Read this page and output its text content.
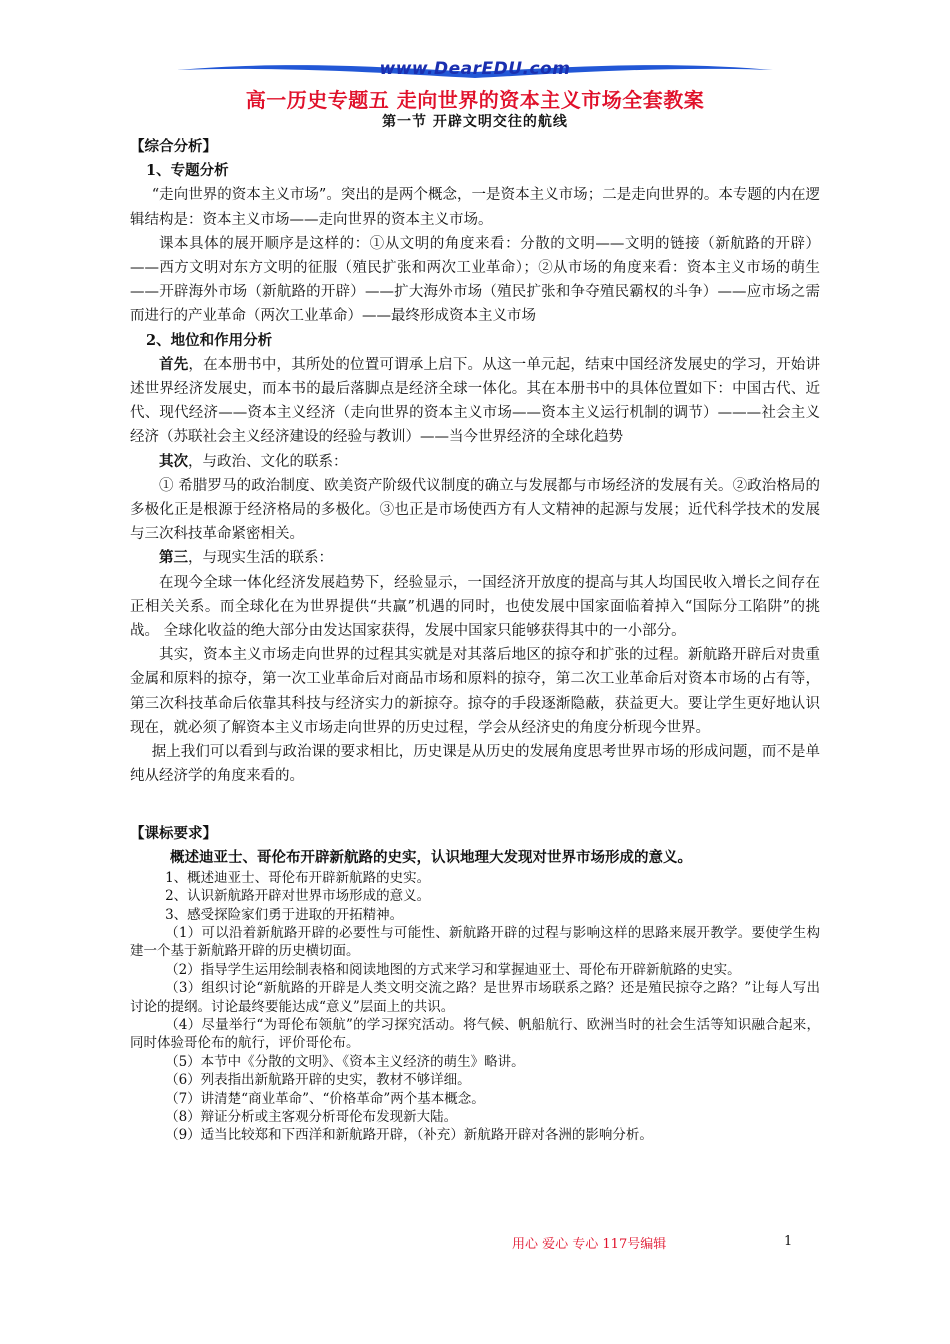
www.DearEDU.com
高一历史专题五 走向世界的资本主义市场全套教案
第一节 开辟文明交往的航线

【综合分析】

1、专题分析

“走向世界的资本主义市场”。突出的是两个概念，一是资本主义市场；二是走向世界的。本专题的内在逻辑结构是：资本主义市场——走向世界的资本主义市场。

课本具体的展开顺序是这样的：①从文明的角度来看：分散的文明——文明的链接（新航路的开辟）——西方文明对东方文明的征服（殖民扩张和两次工业革命）；②从市场的角度来看：资本主义市场的萌生——开辟海外市场（新航路的开辟）——扩大海外市场（殖民扩张和争夺殖民霸权的斗争）——应市场之需而进行的产业革命（两次工业革命）——最终形成资本主义市场

2、地位和作用分析

首先，在本册书中，其所处的位置可谓承上启下。从这一单元起，结束中国经济发展史的学习，开始讲述世界经济发展史，而本书的最后落脚点是经济全球一体化。其在本册书中的具体位置如下：中国古代、近代、现代经济——资本主义经济（走向世界的资本主义市场——资本主义运行机制的调节）———社会主义经济（苏联社会主义经济建设的经验与教训）——当今世界经济的全球化趋势

其次，与政治、文化的联系：

① 希腊罗马的政治制度、欧美资产阶级代议制度的确立与发展都与市场经济的发展有关。②政治格局的多极化正是根源于经济格局的多极化。③也正是市场使西方有人文精神的起源与发展；近代科学技术的发展与三次科技革命紧密相关。

第三，与现实生活的联系：

在现今全球一体化经济发展趋势下，经验显示，一国经济开放度的提高与其人均国民收入增长之间存在正相关关系。而全球化在为世界提供“共赢”机遇的同时，也使发展中国家面临着掉入“国际分工陷阱”的挑战。 全球化收益的绝大部分由发达国家获得，发展中国家只能够获得其中的一小部分。

其实，资本主义市场走向世界的过程其实就是对其落后地区的掠夺和扩张的过程。新航路开辟后对贵重金属和原料的掠夺，第一次工业革命后对商品市场和原料的掠夺，第二次工业革命后对资本市场的占有等，第三次科技革命后依靠其科技与经济实力的新掠夺。掠夺的手段逐渐隐蔽，获益更大。要让学生更好地认识现在，就必须了解资本主义市场走向世界的历史过程，学会从经济史的角度分析现今世界。

据上我们可以看到与政治课的要求相比，历史课是从历史的发展角度思考世界市场的形成问题，而不是单纯从经济学的角度来看的。

【课标要求】

概述迪亚士、哥伦布开辟新航路的史实，认识地理大发现对世界市场形成的意义。

1、概述迪亚士、哥伦布开辟新航路的史实。

2、认识新航路开辟对世界市场形成的意义。

3、感受探险家们勇于进取的开拓精神。

（1）可以沿着新航路开辟的必要性与可能性、新航路开辟的过程与影响这样的思路来展开教学。要使学生构建一个基于新航路开辟的历史横切面。

（2）指导学生运用绘制表格和阅读地图的方式来学习和掌握迪亚士、哥伦布开辟新航路的史实。

（3）组织讨论“新航路的开辟是人类文明交流之路？是世界市场联系之路？还是殖民掠夺之路？”让每人写出讨论的提纲。讨论最终要能达成“意义”层面上的共识。

（4）尽量举行“为哥伦布领航”的学习探究活动。将气候、帆船航行、欧洲当时的社会生活等知识融合起来，同时体验哥伦布的航行，评价哥伦布。

（5）本节中《分散的文明》、《资本主义经济的萌生》略讲。

（6）列表指出新航路开辟的史实，教材不够详细。

（7）讲清楚“商业革命”、“价格革命”两个基本概念。

（8）辩证分析或主客观分析哥伦布发现新大陆。

（9）适当比较郑和下西洋和新航路开辟，（补充）新航路开辟对各洲的影响分析。

用心 爱心 专心 117号编辑	1
